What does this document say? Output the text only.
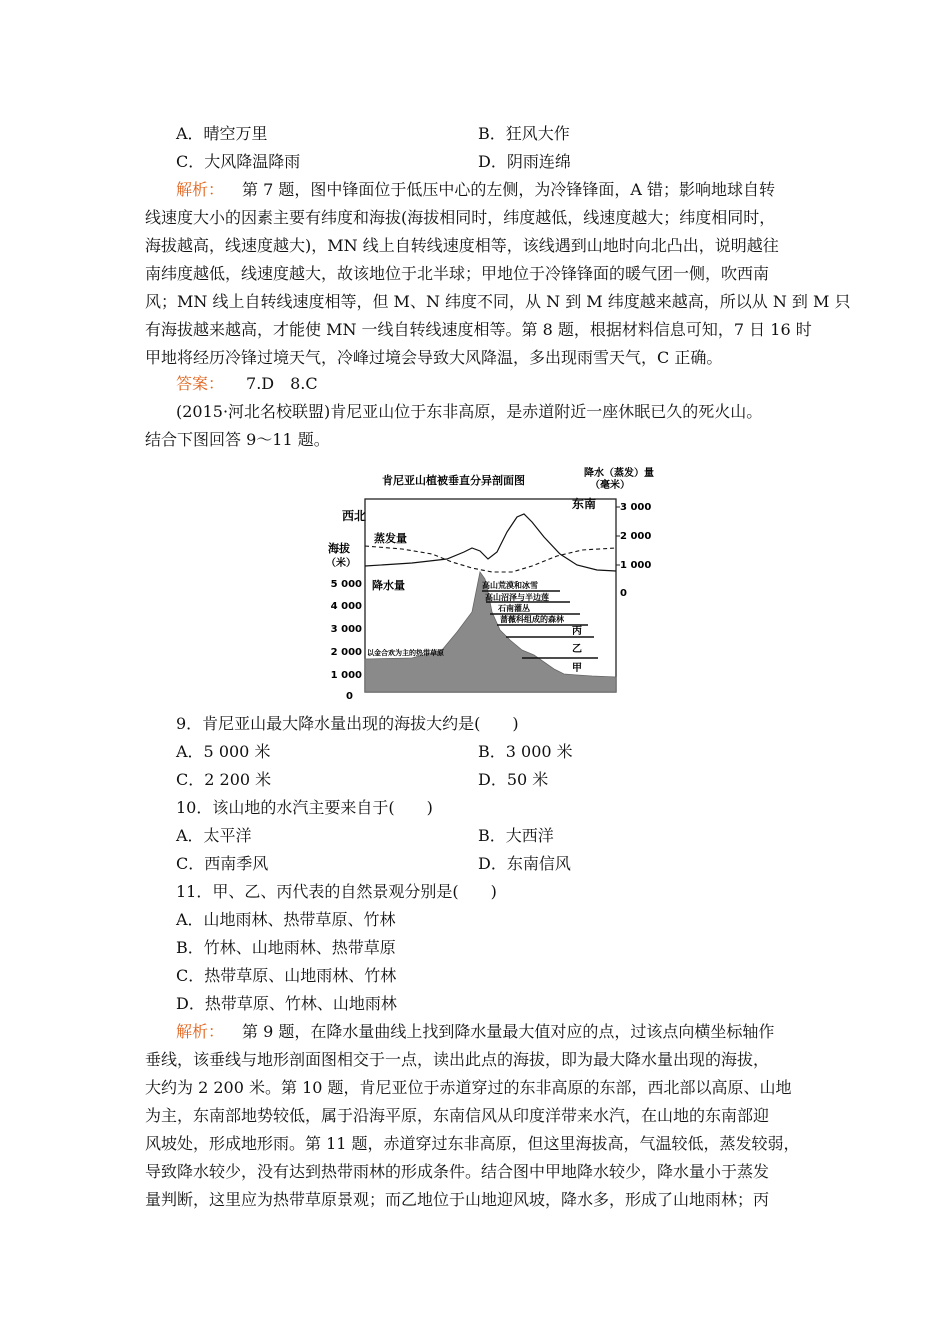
A．晴空万里	B．狂风大作
C．大风降温降雨	D．阴雨连绵
解析： 第 7 题，图中锋面位于低压中心的左侧，为冷锋锋面，A 错；影响地球自转
线速度大小的因素主要有纬度和海拔(海拔相同时，纬度越低，线速度越大；纬度相同时，
海拔越高，线速度越大)，MN 线上自转线速度相等，该线遇到山地时向北凸出，说明越往
南纬度越低，线速度越大，故该地位于北半球；甲地位于冷锋锋面的暖气团一侧，吹西南
风；MN 线上自转线速度相等，但 M、N 纬度不同，从 N 到 M 纬度越来越高，所以从 N 到 M 只
有海拔越来越高，才能使 MN 一线自转线速度相等。第 8 题，根据材料信息可知，7 日 16 时
甲地将经历冷锋过境天气，冷峰过境会导致大风降温，多出现雨雪天气，C 正确。
答案： 7.D　8.C
(2015·河北名校联盟)肯尼亚山位于东非高原，是赤道附近一座休眠已久的死火山。
结合下图回答 9～11 题。
肯尼亚山植被垂直分异剖面图
降水（蒸发）量
（毫米）
西北
东南
海拔
（米）
5 000
4 000
3 000
2 000
1 000
0
3 000
2 000
1 000
0
蒸发量
降水量	高山荒漠和冰雪
高山沼泽与半边莲
石南灌丛
蔷薇科组成的森林
丙
乙
甲
以金合欢为主的热带草原
9．肯尼亚山最大降水量出现的海拔大约是(　　)
A．5 000 米	B．3 000 米
C．2 200 米	D．50 米
10．该山地的水汽主要来自于(　　)
A．太平洋	B．大西洋
C．西南季风	D．东南信风
11．甲、乙、丙代表的自然景观分别是(　　)
A．山地雨林、热带草原、竹林
B．竹林、山地雨林、热带草原
C．热带草原、山地雨林、竹林
D．热带草原、竹林、山地雨林
解析： 第 9 题，在降水量曲线上找到降水量最大值对应的点，过该点向横坐标轴作
垂线，该垂线与地形剖面图相交于一点，读出此点的海拔，即为最大降水量出现的海拔，
大约为 2 200 米。第 10 题，肯尼亚位于赤道穿过的东非高原的东部，西北部以高原、山地
为主，东南部地势较低，属于沿海平原，东南信风从印度洋带来水汽，在山地的东南部迎
风坡处，形成地形雨。第 11 题，赤道穿过东非高原，但这里海拔高，气温较低，蒸发较弱，
导致降水较少，没有达到热带雨林的形成条件。结合图中甲地降水较少，降水量小于蒸发
量判断，这里应为热带草原景观；而乙地位于山地迎风坡，降水多，形成了山地雨林；丙
